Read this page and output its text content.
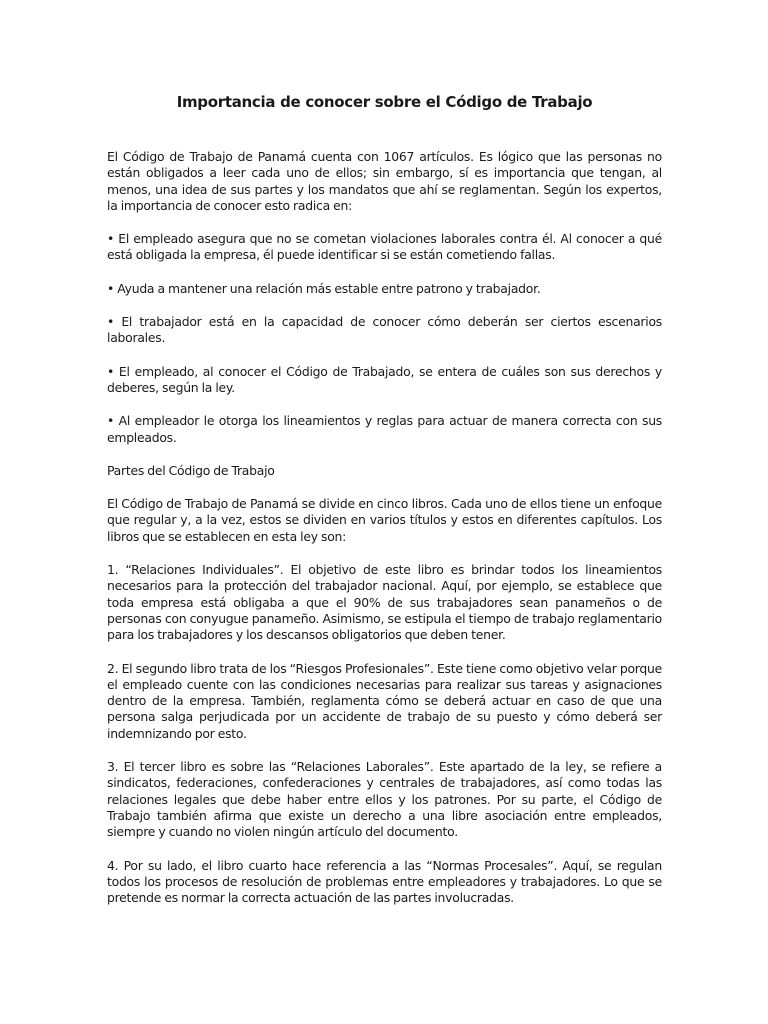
Importancia de conocer sobre el Código de Trabajo

El Código de Trabajo de Panamá cuenta con 1067 artículos. Es lógico que las personas no están obligados a leer cada uno de ellos; sin embargo, sí es importancia que tengan, al menos, una idea de sus partes y los mandatos que ahí se reglamentan. Según los expertos, la importancia de conocer esto radica en:

• El empleado asegura que no se cometan violaciones laborales contra él. Al conocer a qué está obligada la empresa, él puede identificar si se están cometiendo fallas.

• Ayuda a mantener una relación más estable entre patrono y trabajador.

• El trabajador está en la capacidad de conocer cómo deberán ser ciertos escenarios laborales.

• El empleado, al conocer el Código de Trabajado, se entera de cuáles son sus derechos y deberes, según la ley.

• Al empleador le otorga los lineamientos y reglas para actuar de manera correcta con sus empleados.

Partes del Código de Trabajo

El Código de Trabajo de Panamá se divide en cinco libros. Cada uno de ellos tiene un enfoque que regular y, a la vez, estos se dividen en varios títulos y estos en diferentes capítulos. Los libros que se establecen en esta ley son:

1. “Relaciones Individuales”. El objetivo de este libro es brindar todos los lineamientos necesarios para la protección del trabajador nacional. Aquí, por ejemplo, se establece que toda empresa está obligaba a que el 90% de sus trabajadores sean panameños o de personas con conyugue panameño. Asimismo, se estipula el tiempo de trabajo reglamentario para los trabajadores y los descansos obligatorios que deben tener.

2. El segundo libro trata de los “Riesgos Profesionales”. Este tiene como objetivo velar porque el empleado cuente con las condiciones necesarias para realizar sus tareas y asignaciones dentro de la empresa. También, reglamenta cómo se deberá actuar en caso de que una persona salga perjudicada por un accidente de trabajo de su puesto y cómo deberá ser indemnizando por esto.

3. El tercer libro es sobre las “Relaciones Laborales”. Este apartado de la ley, se refiere a sindicatos, federaciones, confederaciones y centrales de trabajadores, así como todas las relaciones legales que debe haber entre ellos y los patrones. Por su parte, el Código de Trabajo también afirma que existe un derecho a una libre asociación entre empleados, siempre y cuando no violen ningún artículo del documento.

4. Por su lado, el libro cuarto hace referencia a las “Normas Procesales”. Aquí, se regulan todos los procesos de resolución de problemas entre empleadores y trabajadores. Lo que se pretende es normar la correcta actuación de las partes involucradas.
